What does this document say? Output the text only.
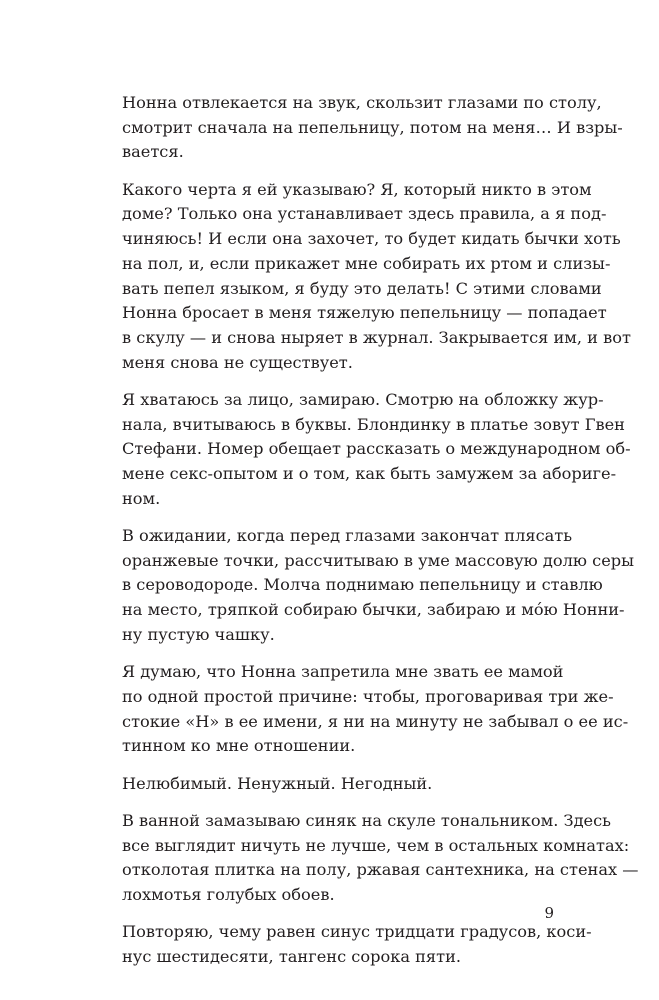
Нонна отвлекается на звук, скользит глазами по столу,
смотрит сначала на пепельницу, потом на меня… И взры-
вается.

Какого черта я ей указываю? Я, который никто в этом
доме? Только она устанавливает здесь правила, а я под-
чиняюсь! И если она захочет, то будет кидать бычки хоть
на пол, и, если прикажет мне собирать их ртом и слизы-
вать пепел языком, я буду это делать! С этими словами
Нонна бросает в меня тяжелую пепельницу — попадает
в скулу — и снова ныряет в журнал. Закрывается им, и вот
меня снова не существует.

Я хватаюсь за лицо, замираю. Смотрю на обложку жур-
нала, вчитываюсь в буквы. Блондинку в платье зовут Гвен
Стефани. Номер обещает рассказать о международном об-
мене секс-опытом и о том, как быть замужем за абориге-
ном.

В ожидании, когда перед глазами закончат плясать
оранжевые точки, рассчитываю в уме массовую долю серы
в сероводороде. Молча поднимаю пепельницу и ставлю
на место, тряпкой собираю бычки, забираю и мо́ю Нонни-
ну пустую чашку.

Я думаю, что Нонна запретила мне звать ее мамой
по одной простой причине: чтобы, проговаривая три же-
стокие «Н» в ее имени, я ни на минуту не забывал о ее ис-
тинном ко мне отношении.

Нелюбимый. Ненужный. Негодный.

В ванной замазываю синяк на скуле тональником. Здесь
все выглядит ничуть не лучше, чем в остальных комнатах:
отколотая плитка на полу, ржавая сантехника, на стенах —
лохмотья голубых обоев.

Повторяю, чему равен синус тридцати градусов, коси-
нус шестидесяти, тангенс сорока пяти.

9
